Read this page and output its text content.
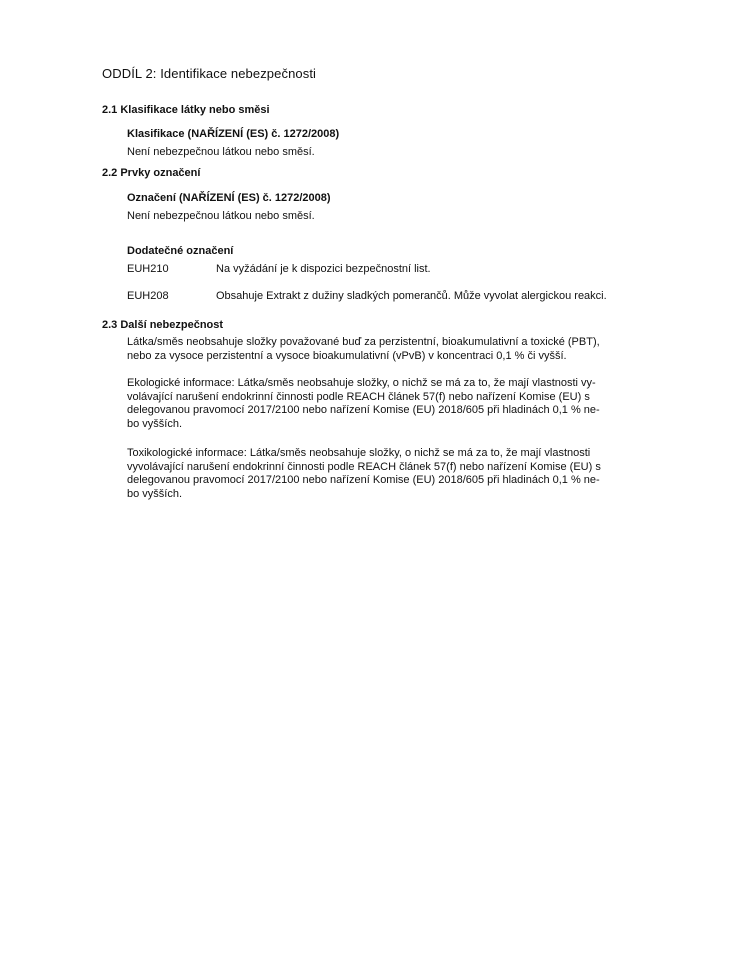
ODDÍL 2: Identifikace nebezpečnosti
2.1 Klasifikace látky nebo směsi
Klasifikace (NAŘÍZENÍ (ES) č. 1272/2008)
Není nebezpečnou látkou nebo směsí.
2.2 Prvky označení
Označení (NAŘÍZENÍ (ES) č. 1272/2008)
Není nebezpečnou látkou nebo směsí.
Dodatečné označení
EUH210	Na vyžádání je k dispozici bezpečnostní list.
EUH208	Obsahuje Extrakt z dužiny sladkých pomerančů. Může vyvolat alergickou reakci.
2.3 Další nebezpečnost
Látka/směs neobsahuje složky považované buď za perzistentní, bioakumulativní a toxické (PBT),
nebo za vysoce perzistentní a vysoce bioakumulativní (vPvB) v koncentraci 0,1 % či vyšší.
Ekologické informace: Látka/směs neobsahuje složky, o nichž se má za to, že mají vlastnosti vy-
volávající narušení endokrinní činnosti podle REACH článek 57(f) nebo nařízení Komise (EU) s
delegovanou pravomocí 2017/2100 nebo nařízení Komise (EU) 2018/605 při hladinách 0,1 % ne-
bo vyšších.
Toxikologické informace: Látka/směs neobsahuje složky, o nichž se má za to, že mají vlastnosti
vyvolávající narušení endokrinní činnosti podle REACH článek 57(f) nebo nařízení Komise (EU) s
delegovanou pravomocí 2017/2100 nebo nařízení Komise (EU) 2018/605 při hladinách 0,1 % ne-
bo vyšších.
